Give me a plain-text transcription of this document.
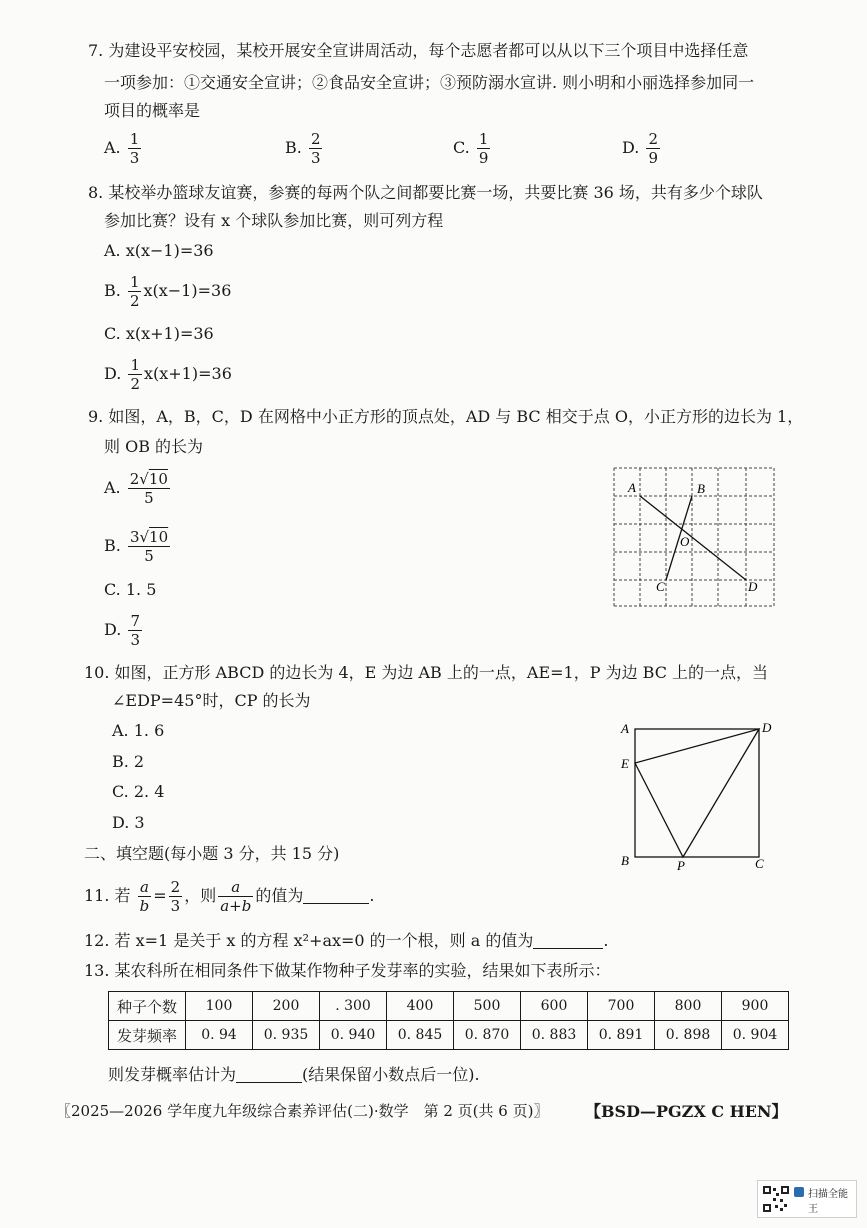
7. 为建设平安校园，某校开展安全宣讲周活动，每个志愿者都可以从以下三个项目中选择任意
一项参加：①交通安全宣讲；②食品安全宣讲；③预防溺水宣讲. 则小明和小丽选择参加同一
项目的概率是
A. $\frac{1}{3}$	B. $\frac{2}{3}$	C. $\frac{1}{9}$	D. $\frac{2}{9}$
8. 某校举办篮球友谊赛，参赛的每两个队之间都要比赛一场，共要比赛 36 场，共有多少个球队
参加比赛？设有 x 个球队参加比赛，则可列方程
A. x(x−1)=36
B. $\frac{1}{2} x(x-1)=36$
C. x(x+1)=36
D. $\frac{1}{2} x(x+1)=36$
9. 如图，A，B，C，D 在网格中小正方形的顶点处，AD 与 BC 相交于点 O，小正方形的边长为 1，
则 OB 的长为
A. $\frac{2√10}{5}$
B. $\frac{3√10}{5}$
C. 1. 5
D. $\frac{7}{3}$
A	B
O
C	D
10. 如图，正方形 ABCD 的边长为 4，E 为边 AB 上的一点，AE=1，P 为边 BC 上的一点，当
∠EDP=45°时，CP 的长为
A. 1. 6
B. 2
C. 2. 4
D. 3
A	D
E
B	P	C
二、填空题(每小题 3 分，共 15 分)
11. 若 $\frac{a}{b} = \frac{2}{3}$ ，则 $\frac{a}{a+b}$ 的值为	.
12. 若 x=1 是关于 x 的方程 x²+ax=0 的一个根，则 a 的值为	.
13. 某农科所在相同条件下做某作物种子发芽率的实验，结果如下表所示：
种子个数	100	200	. 300	400	500	600	700	800	900
发芽频率	0. 94	0. 935	0. 940	0. 845	0. 870	0. 883	0. 891	0. 898	0. 904
则发芽概率估计为	(结果保留小数点后一位).
〖2025—2026 学年度九年级综合素养评估(二)·数学　第 2 页(共 6 页)〗 【BSD—PGZX C HEN】
扫描全能王
